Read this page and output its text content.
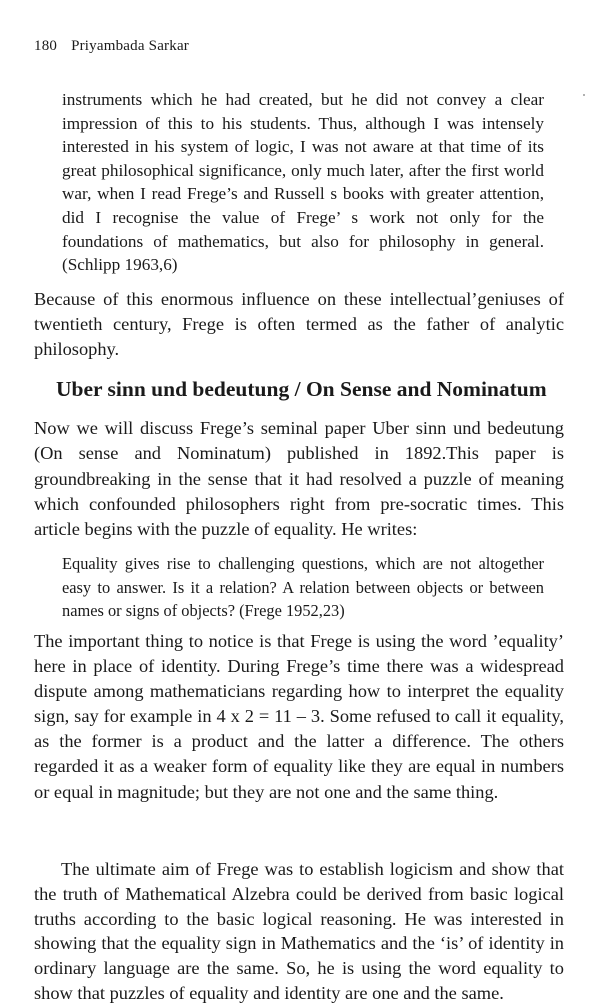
180 Priyambada Sarkar
instruments which he had created, but he did not convey a clear impression of this to his students. Thus, although I was intensely interested in his system of logic, I was not aware at that time of its great philosophical significance, only much later, after the first world war, when I read Frege’s and Russell s books with greater attention, did I recognise the value of Frege’ s work not only for the foundations of mathematics, but also for philosophy in general. (Schlipp 1963,6)
Because of this enormous influence on these intellectual’geniuses of twentieth century, Frege is often termed as the father of analytic philosophy.
Uber sinn und bedeutung / On Sense and Nominatum
Now we will discuss Frege’s seminal paper Uber sinn und bedeutung (On sense and Nominatum) published in 1892.This paper is groundbreaking in the sense that it had resolved a puzzle of meaning which confounded philosophers right from pre-socratic times. This article begins with the puzzle of equality. He writes:
Equality gives rise to challenging questions, which are not altogether easy to answer. Is it a relation? A relation between objects or between names or signs of objects? (Frege 1952,23)
The important thing to notice is that Frege is using the word ’equality’ here in place of identity. During Frege’s time there was a widespread dispute among mathematicians regarding how to interpret the equality sign, say for example in 4 x 2 = 11 – 3. Some refused to call it equality, as the former is a product and the latter a difference. The others regarded it as a weaker form of equality like they are equal in numbers or equal in magnitude; but they are not one and the same thing.
The ultimate aim of Frege was to establish logicism and show that the truth of Mathematical Alzebra could be derived from basic logical truths according to the basic logical reasoning. He was interested in showing that the equality sign in Mathematics and the ‘is’ of identity in ordinary language are the same. So, he is using the word equality to show that puzzles of equality and identity are one and the same.
